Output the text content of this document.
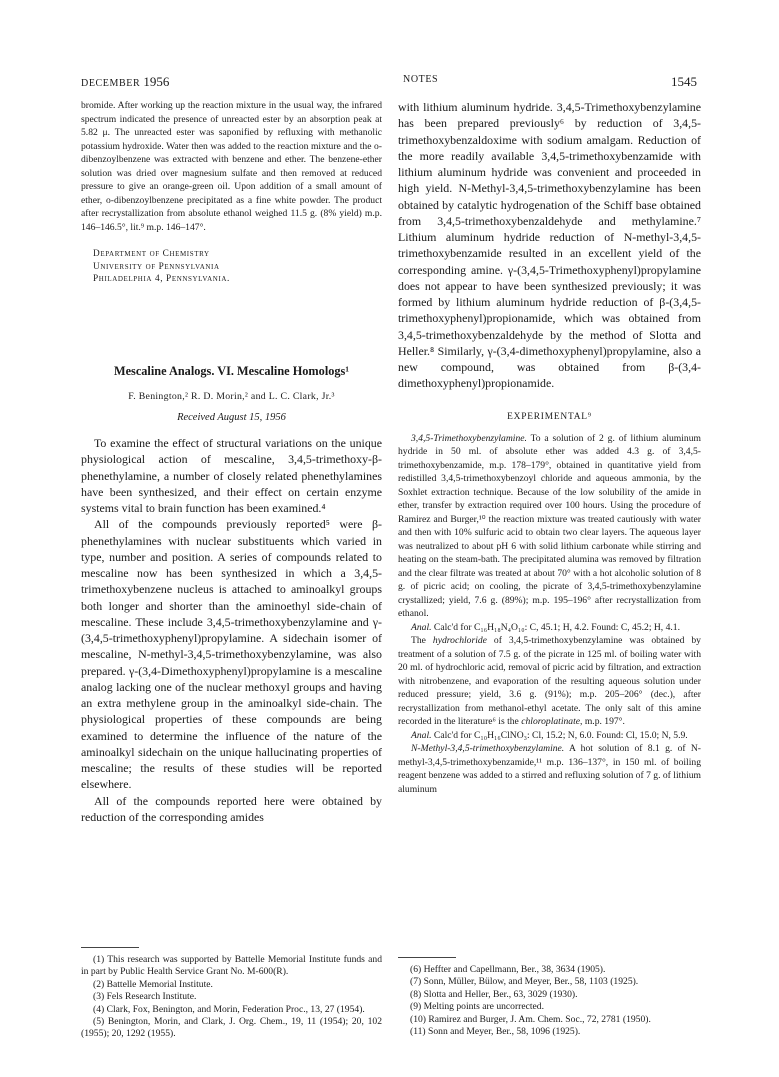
DECEMBER 1956	NOTES	1545

bromide. After working up the reaction mixture in the usual way, the infrared spectrum indicated the presence of unreacted ester by an absorption peak at 5.82 μ. The unreacted ester was saponified by refluxing with methanolic potassium hydroxide. Water then was added to the reaction mixture and the o-dibenzoylbenzene was extracted with benzene and ether. The benzene-ether solution was dried over magnesium sulfate and then removed at reduced pressure to give an orange-green oil. Upon addition of a small amount of ether, o-dibenzoylbenzene precipitated as a fine white powder. The product after recrystallization from absolute ethanol weighed 11.5 g. (8% yield) m.p. 146–146.5°, lit.⁹ m.p. 146–147°.

Department of Chemistry
University of Pennsylvania
Philadelphia 4, Pennsylvania.
Mescaline Analogs. VI. Mescaline Homologs¹
F. Benington,² R. D. Morin,² and L. C. Clark, Jr.³
Received August 15, 1956

To examine the effect of structural variations on the unique physiological action of mescaline, 3,4,5-trimethoxy-β-phenethylamine, a number of closely related phenethylamines have been synthesized, and their effect on certain enzyme systems vital to brain function has been examined.⁴

All of the compounds previously reported⁵ were β-phenethylamines with nuclear substituents which varied in type, number and position. A series of compounds related to mescaline now has been synthesized in which a 3,4,5-trimethoxybenzene nucleus is attached to aminoalkyl groups both longer and shorter than the aminoethyl side-chain of mescaline. These include 3,4,5-trimethoxybenzylamine and γ-(3,4,5-trimethoxyphenyl)propylamine. A sidechain isomer of mescaline, N-methyl-3,4,5-trimethoxybenzylamine, was also prepared. γ-(3,4-Dimethoxyphenyl)propylamine is a mescaline analog lacking one of the nuclear methoxyl groups and having an extra methylene group in the aminoalkyl side-chain. The physiological properties of these compounds are being examined to determine the influence of the nature of the aminoalkyl sidechain on the unique hallucinating properties of mescaline; the results of these studies will be reported elsewhere.

All of the compounds reported here were obtained by reduction of the corresponding amides

(1) This research was supported by Battelle Memorial Institute funds and in part by Public Health Service Grant No. M-600(R).

(2) Battelle Memorial Institute.

(3) Fels Research Institute.

(4) Clark, Fox, Benington, and Morin, Federation Proc., 13, 27 (1954).

(5) Benington, Morin, and Clark, J. Org. Chem., 19, 11 (1954); 20, 102 (1955); 20, 1292 (1955).

with lithium aluminum hydride. 3,4,5-Trimethoxybenzylamine has been prepared previously⁶ by reduction of 3,4,5-trimethoxybenzaldoxime with sodium amalgam. Reduction of the more readily available 3,4,5-trimethoxybenzamide with lithium aluminum hydride was convenient and proceeded in high yield. N-Methyl-3,4,5-trimethoxybenzylamine has been obtained by catalytic hydrogenation of the Schiff base obtained from 3,4,5-trimethoxybenzaldehyde and methylamine.⁷ Lithium aluminum hydride reduction of N-methyl-3,4,5-trimethoxybenzamide resulted in an excellent yield of the corresponding amine. γ-(3,4,5-Trimethoxyphenyl)propylamine does not appear to have been synthesized previously; it was formed by lithium aluminum hydride reduction of β-(3,4,5-trimethoxyphenyl)propionamide, which was obtained from 3,4,5-trimethoxybenzaldehyde by the method of Slotta and Heller.⁸ Similarly, γ-(3,4-dimethoxyphenyl)propylamine, also a new compound, was obtained from β-(3,4-dimethoxyphenyl)propionamide.

EXPERIMENTAL⁹

3,4,5-Trimethoxybenzylamine. To a solution of 2 g. of lithium aluminum hydride in 50 ml. of absolute ether was added 4.3 g. of 3,4,5-trimethoxybenzamide, m.p. 178–179°, obtained in quantitative yield from redistilled 3,4,5-trimethoxybenzoyl chloride and aqueous ammonia, by the Soxhlet extraction technique. Because of the low solubility of the amide in ether, transfer by extraction required over 100 hours. Using the procedure of Ramirez and Burger,¹⁰ the reaction mixture was treated cautiously with water and then with 10% sulfuric acid to obtain two clear layers. The aqueous layer was neutralized to about pH 6 with solid lithium carbonate while stirring and heating on the steam-bath. The precipitated alumina was removed by filtration and the clear filtrate was treated at about 70° with a hot alcoholic solution of 8 g. of picric acid; on cooling, the picrate of 3,4,5-trimethoxybenzylamine crystallized; yield, 7.6 g. (89%); m.p. 195–196° after recrystallization from ethanol.

Anal. Calc'd for C₁₆H₁₈N₄O₁₀: C, 45.1; H, 4.2. Found: C, 45.2; H, 4.1.

The hydrochloride of 3,4,5-trimethoxybenzylamine was obtained by treatment of a solution of 7.5 g. of the picrate in 125 ml. of boiling water with 20 ml. of hydrochloric acid, removal of picric acid by filtration, and extraction with nitrobenzene, and evaporation of the resulting aqueous solution under reduced pressure; yield, 3.6 g. (91%); m.p. 205–206° (dec.), after recrystallization from methanol-ethyl acetate. The only salt of this amine recorded in the literature⁶ is the chloroplatinate, m.p. 197°.

Anal. Calc'd for C₁₀H₁₆ClNO₃: Cl, 15.2; N, 6.0. Found: Cl, 15.0; N, 5.9.

N-Methyl-3,4,5-trimethoxybenzylamine. A hot solution of 8.1 g. of N-methyl-3,4,5-trimethoxybenzamide,¹¹ m.p. 136–137°, in 150 ml. of boiling reagent benzene was added to a stirred and refluxing solution of 7 g. of lithium aluminum

(6) Heffter and Capellmann, Ber., 38, 3634 (1905).

(7) Sonn, Müller, Bülow, and Meyer, Ber., 58, 1103 (1925).

(8) Slotta and Heller, Ber., 63, 3029 (1930).

(9) Melting points are uncorrected.

(10) Ramirez and Burger, J. Am. Chem. Soc., 72, 2781 (1950).

(11) Sonn and Meyer, Ber., 58, 1096 (1925).
